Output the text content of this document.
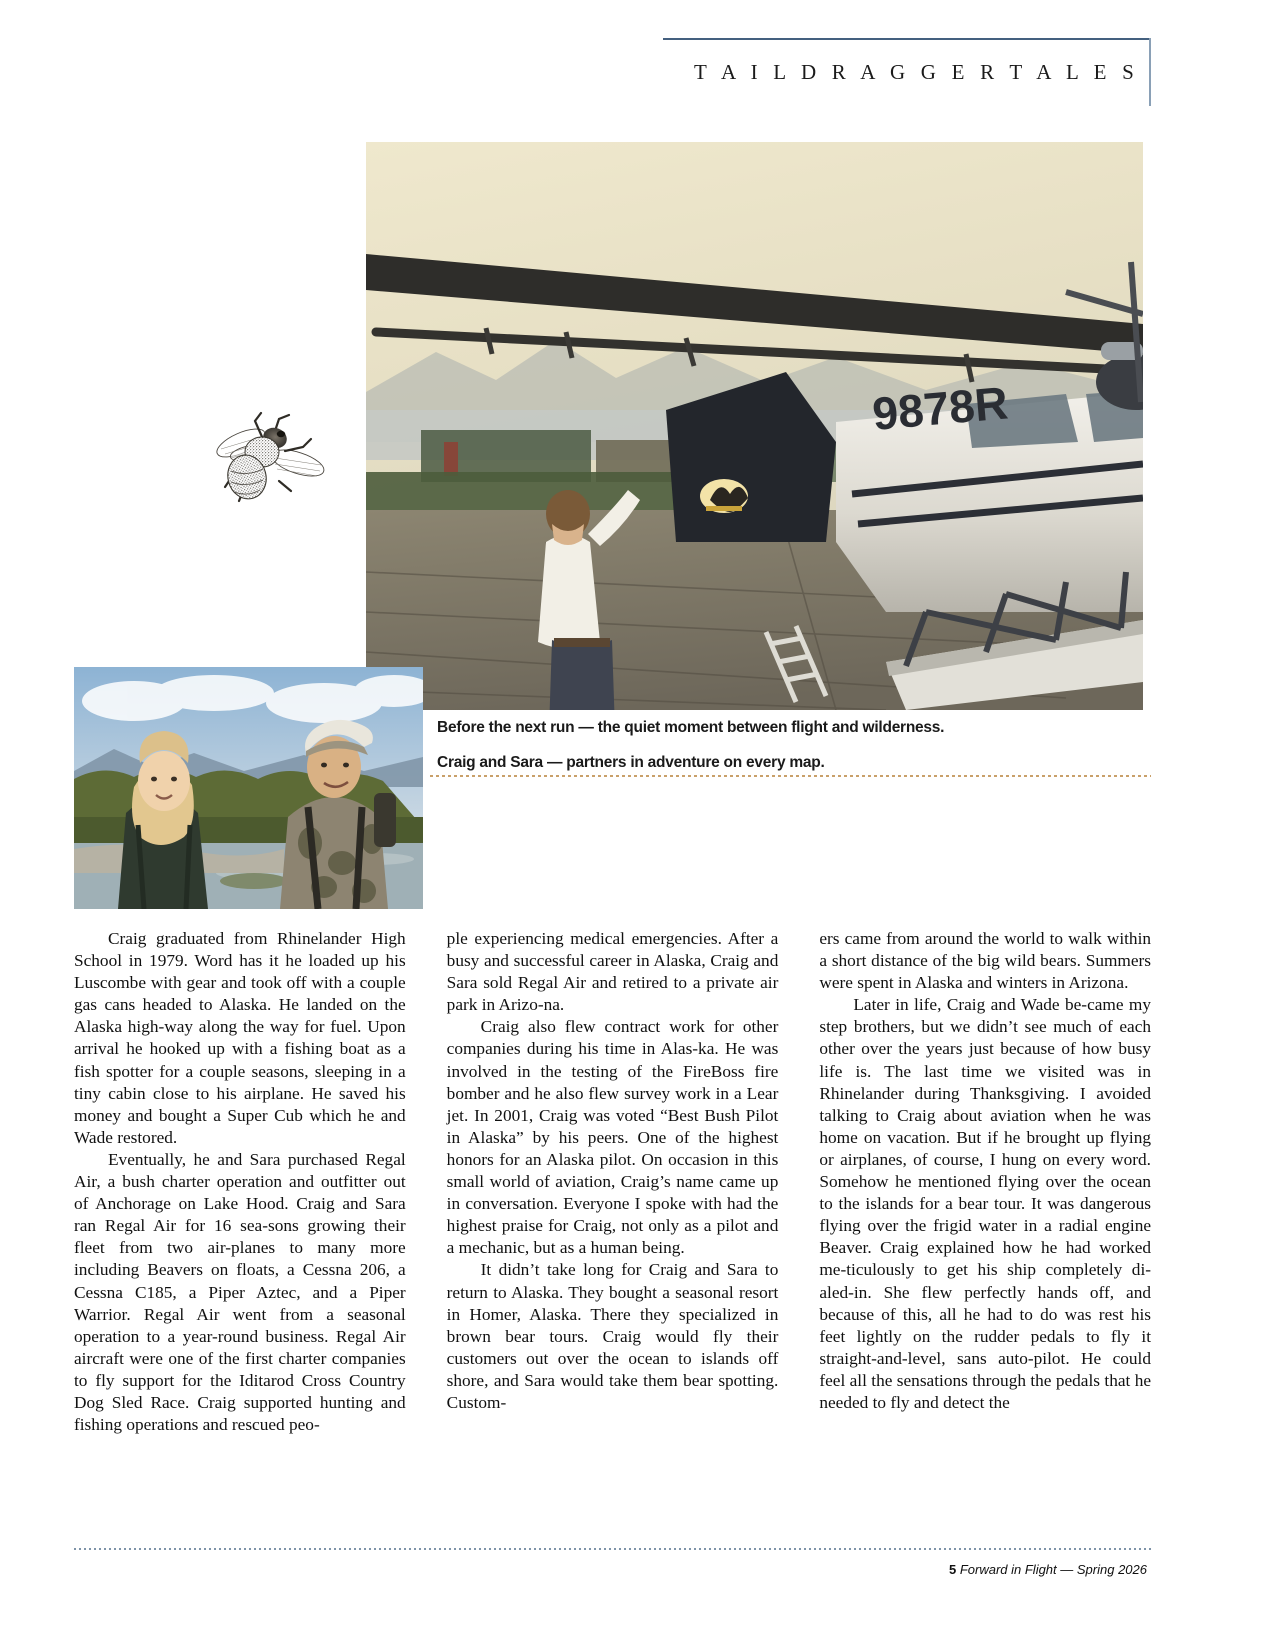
T A I L D R A G G E R T A L E S
9878R
Before the next run — the quiet moment between flight and wilderness.
Craig and Sara — partners in adventure on every map.

Craig graduated from Rhinelander High School in 1979. Word has it he loaded up his Luscombe with gear and took off with a couple gas cans headed to Alaska. He landed on the Alaska high-way along the way for fuel. Upon arrival he hooked up with a fishing boat as a fish spotter for a couple seasons, sleeping in a tiny cabin close to his airplane. He saved his money and bought a Super Cub which he and Wade restored.

Eventually, he and Sara purchased Regal Air, a bush charter operation and outfitter out of Anchorage on Lake Hood. Craig and Sara ran Regal Air for 16 sea-sons growing their fleet from two air-planes to many more including Beavers on floats, a Cessna 206, a Cessna C185, a Piper Aztec, and a Piper Warrior. Regal Air went from a seasonal operation to a year-round business. Regal Air aircraft were one of the first charter companies to fly support for the Iditarod Cross Country Dog Sled Race. Craig supported hunting and fishing operations and rescued peo-

ple experiencing medical emergencies. After a busy and successful career in Alaska, Craig and Sara sold Regal Air and retired to a private air park in Arizo-na.

Craig also flew contract work for other companies during his time in Alas-ka. He was involved in the testing of the FireBoss fire bomber and he also flew survey work in a Lear jet. In 2001, Craig was voted “Best Bush Pilot in Alaska” by his peers. One of the highest honors for an Alaska pilot. On occasion in this small world of aviation, Craig’s name came up in conversation. Everyone I spoke with had the highest praise for Craig, not only as a pilot and a mechanic, but as a human being.

It didn’t take long for Craig and Sara to return to Alaska. They bought a seasonal resort in Homer, Alaska. There they specialized in brown bear tours. Craig would fly their customers out over the ocean to islands off shore, and Sara would take them bear spotting. Custom-

ers came from around the world to walk within a short distance of the big wild bears. Summers were spent in Alaska and winters in Arizona.

Later in life, Craig and Wade be-came my step brothers, but we didn’t see much of each other over the years just because of how busy life is. The last time we visited was in Rhinelander during Thanksgiving. I avoided talking to Craig about aviation when he was home on vacation. But if he brought up flying or airplanes, of course, I hung on every word. Somehow he mentioned flying over the ocean to the islands for a bear tour. It was dangerous flying over the frigid water in a radial engine Beaver. Craig explained how he had worked me-ticulously to get his ship completely di-aled-in. She flew perfectly hands off, and because of this, all he had to do was rest his feet lightly on the rudder pedals to fly it straight-and-level, sans auto-pilot. He could feel all the sensations through the pedals that he needed to fly and detect the

5 Forward in Flight — Spring 2026
